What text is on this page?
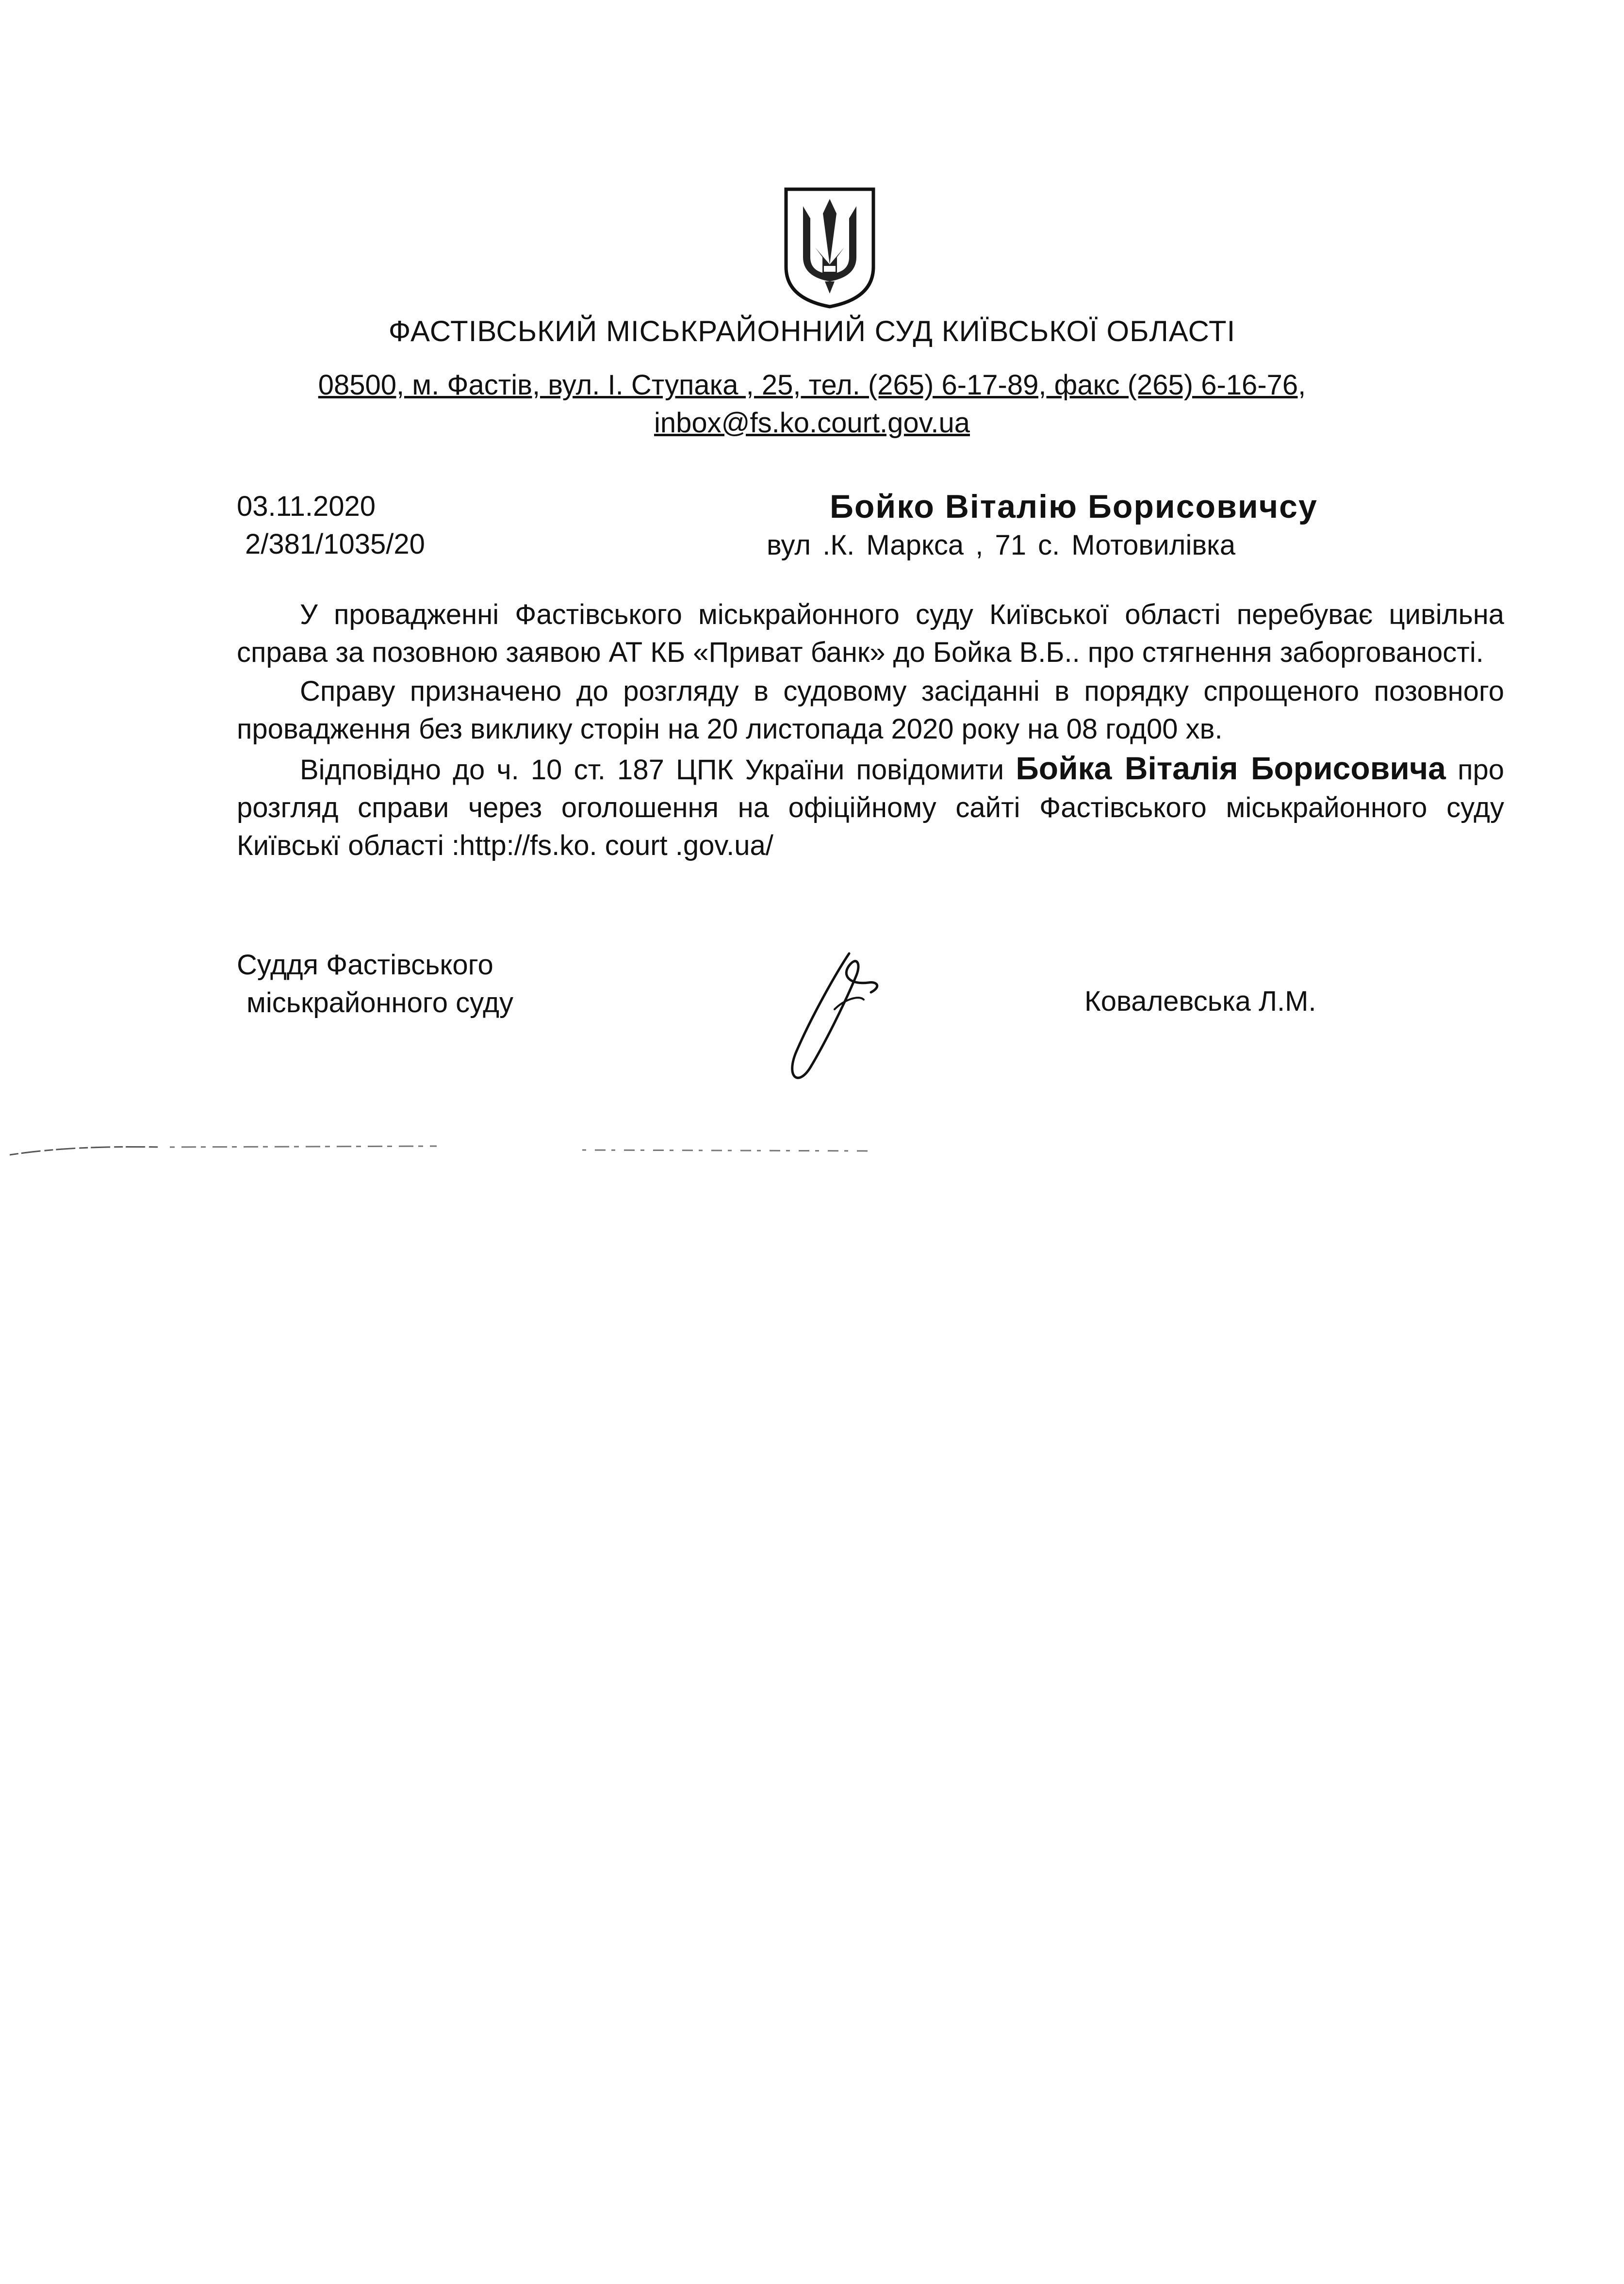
ФАСТІВСЬКИЙ МІСЬКРАЙОННИЙ СУД КИЇВСЬКОЇ ОБЛАСТІ
08500, м. Фастів, вул. І. Ступака , 25, тел. (265) 6-17-89, факс (265) 6-16-76,
inbox@fs.ko.court.gov.ua
03.11.2020
2/381/1035/20
Бойко Віталію Борисовичсу
вул .К. Маркса , 71 с. Мотовилівка

У провадженні Фастівського міськрайонного суду Київської області перебуває цивільна справа за позовною заявою АТ КБ «Приват банк» до Бойка В.Б.. про стягнення заборгованості.

Справу призначено до розгляду в судовому засіданні в порядку спрощеного позовного провадження без виклику сторін на 20 листопада 2020 року на 08 год00 хв.

Відповідно до ч. 10 ст. 187 ЦПК України повідомити Бойка Віталія Борисовича про розгляд справи через оголошення на офіційному сайті Фастівського міськрайонного суду Київськї області :http://fs.ko. court .gov.ua/

Суддя Фастівського
міськрайонного суду	Ковалевська Л.М.
